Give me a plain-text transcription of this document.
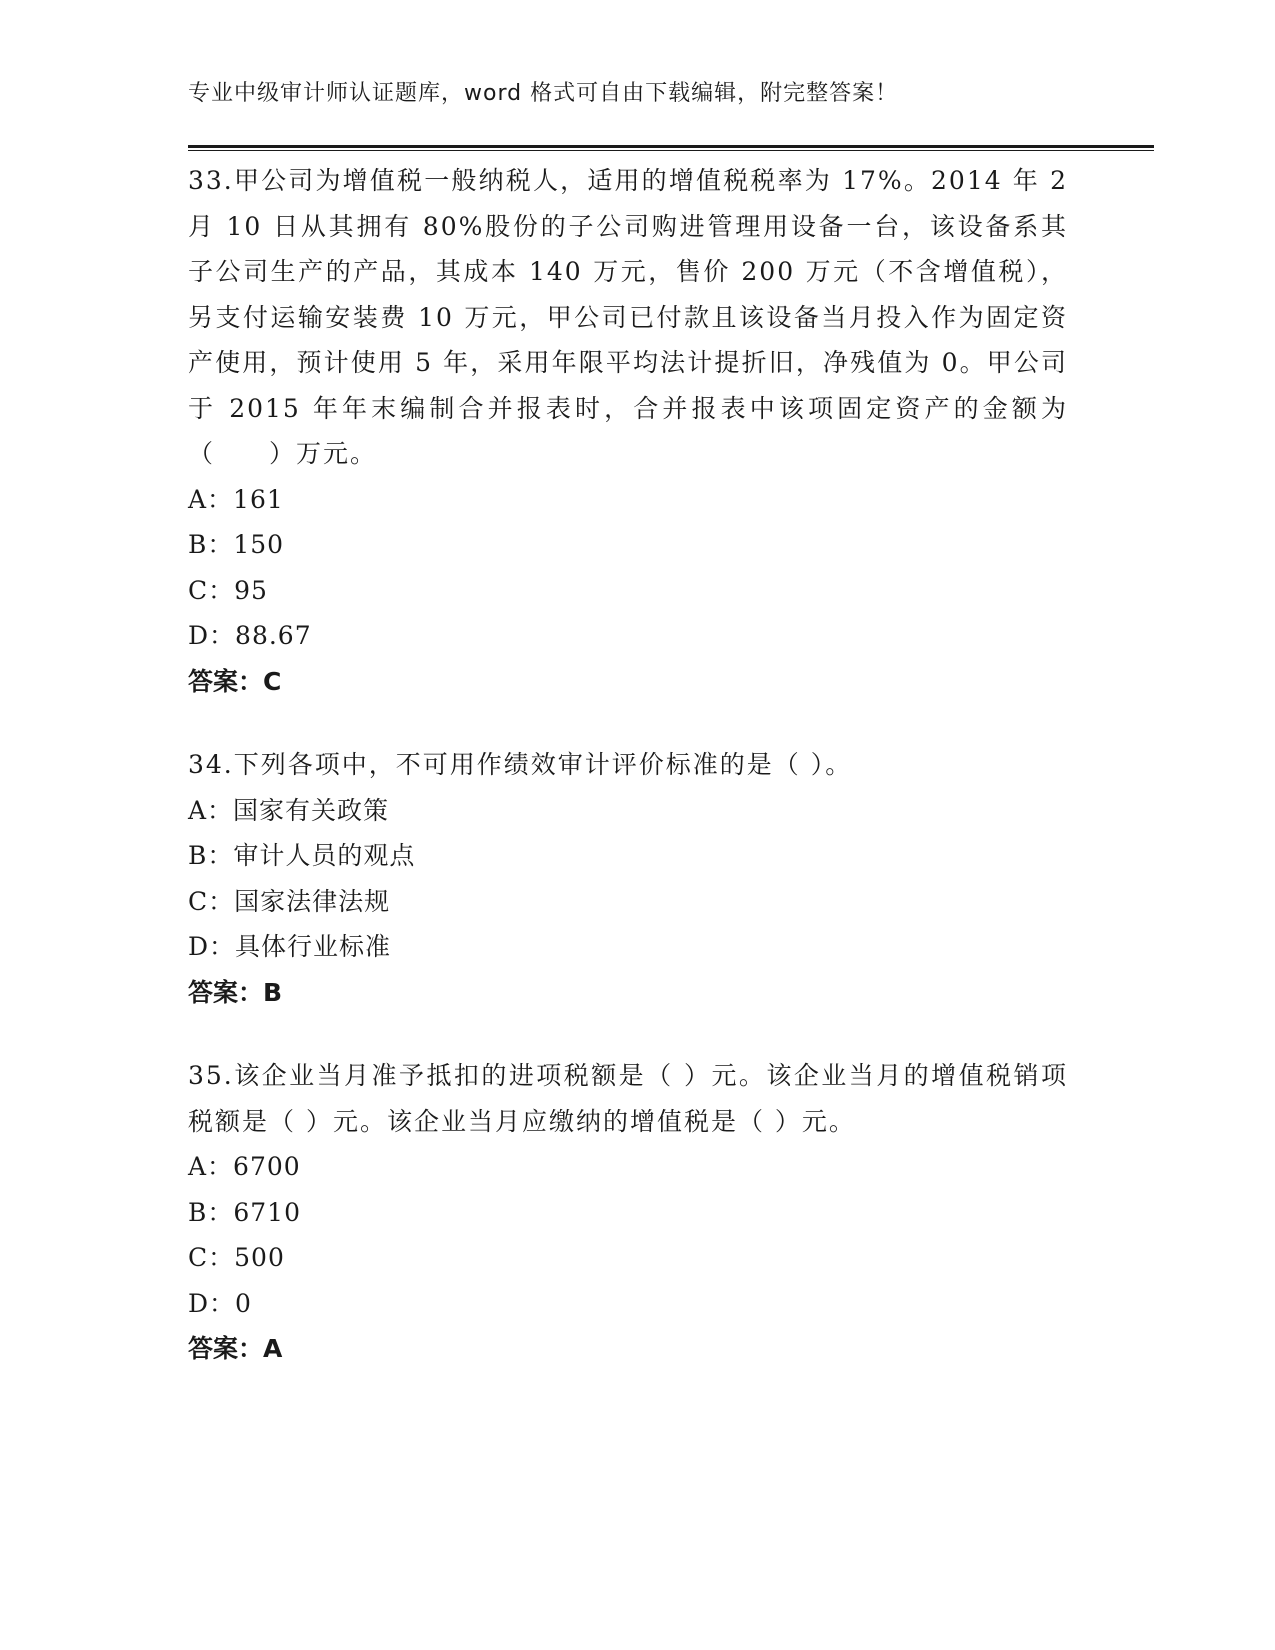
专业中级审计师认证题库，word 格式可自由下载编辑，附完整答案！

33.甲公司为增值税一般纳税人，适用的增值税税率为 17%。2014 年 2 月 10 日从其拥有 80%股份的子公司购进管理用设备一台，该设备系其子公司生产的产品，其成本 140 万元，售价 200 万元（不含增值税），另支付运输安装费 10 万元，甲公司已付款且该设备当月投入作为固定资产使用，预计使用 5 年，采用年限平均法计提折旧，净残值为 0。甲公司于 2015 年年末编制合并报表时，合并报表中该项固定资产的金额为（　　）万元。

A：161

B：150

C：95

D：88.67

答案：C

34.下列各项中，不可用作绩效审计评价标准的是（ ）。

A：国家有关政策

B：审计人员的观点

C：国家法律法规

D：具体行业标准

答案：B

35.该企业当月准予抵扣的进项税额是（ ）元。该企业当月的增值税销项税额是（ ）元。该企业当月应缴纳的增值税是（ ）元。

A：6700

B：6710

C：500

D：0

答案：A
